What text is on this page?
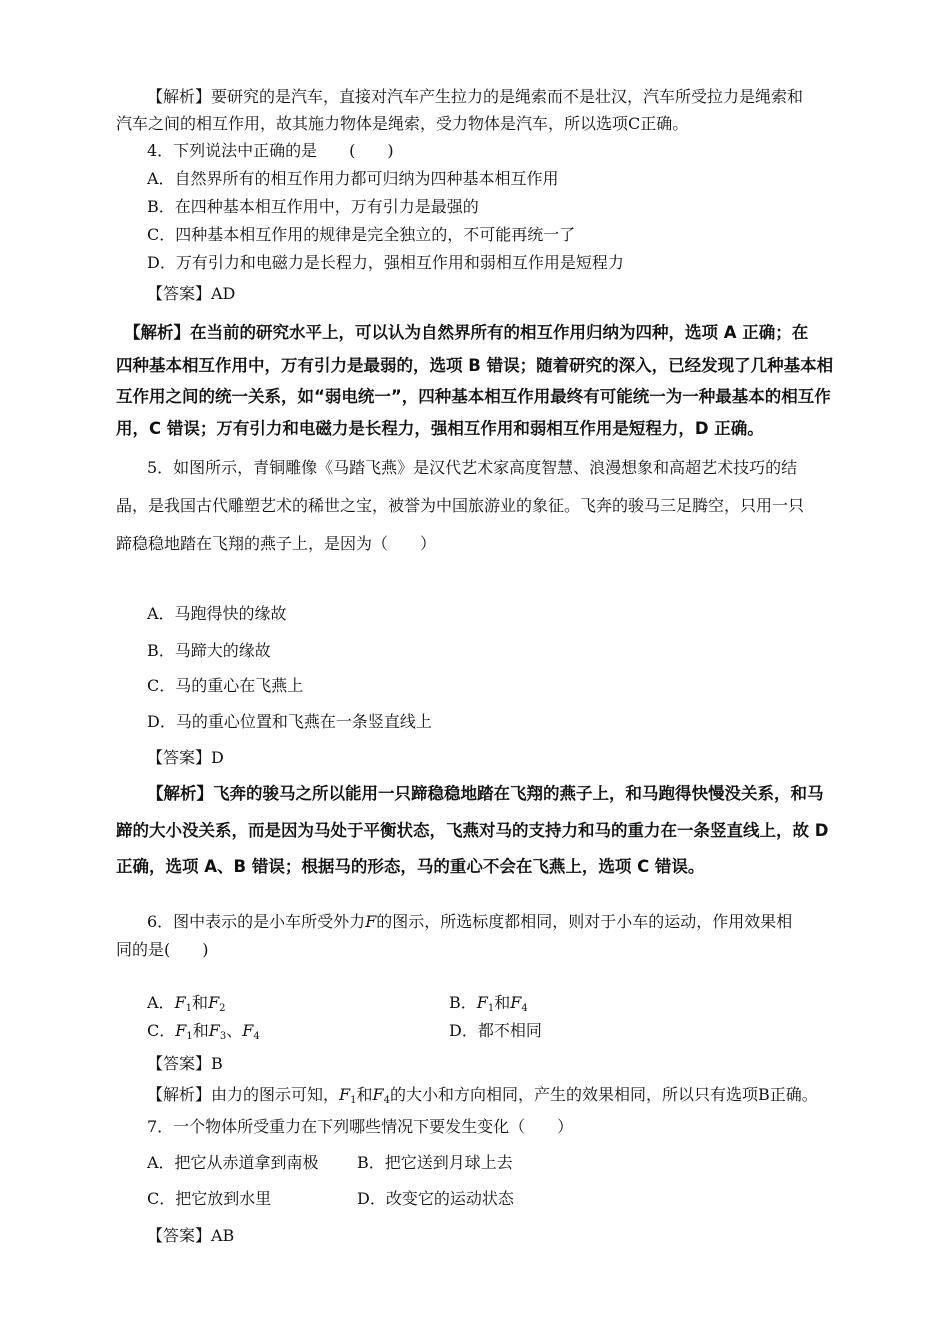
【解析】要研究的是汽车，直接对汽车产生拉力的是绳索而不是壮汉，汽车所受拉力是绳索和
汽车之间的相互作用，故其施力物体是绳索，受力物体是汽车，所以选项C正确。
4．下列说法中正确的是　　(　　)
A．自然界所有的相互作用力都可归纳为四种基本相互作用
B．在四种基本相互作用中，万有引力是最强的
C．四种基本相互作用的规律是完全独立的，不可能再统一了
D．万有引力和电磁力是长程力，强相互作用和弱相互作用是短程力
【答案】AD
【解析】在当前的研究水平上，可以认为自然界所有的相互作用归纳为四种，选项 A 正确；在
四种基本相互作用中，万有引力是最弱的，选项 B 错误；随着研究的深入，已经发现了几种基本相
互作用之间的统一关系，如“弱电统一”，四种基本相互作用最终有可能统一为一种最基本的相互作
用，C 错误；万有引力和电磁力是长程力，强相互作用和弱相互作用是短程力，D 正确。
5．如图所示，青铜雕像《马踏飞燕》是汉代艺术家高度智慧、浪漫想象和高超艺术技巧的结
晶，是我国古代雕塑艺术的稀世之宝，被誉为中国旅游业的象征。飞奔的骏马三足腾空，只用一只
蹄稳稳地踏在飞翔的燕子上，是因为（　　）
A．马跑得快的缘故
B．马蹄大的缘故
C．马的重心在飞燕上
D．马的重心位置和飞燕在一条竖直线上
【答案】D
【解析】飞奔的骏马之所以能用一只蹄稳稳地踏在飞翔的燕子上，和马跑得快慢没关系，和马
蹄的大小没关系，而是因为马处于平衡状态，飞燕对马的支持力和马的重力在一条竖直线上，故 D
正确，选项 A、B 错误；根据马的形态，马的重心不会在飞燕上，选项 C 错误。
6．图中表示的是小车所受外力F的图示，所选标度都相同，则对于小车的运动，作用效果相
同的是(　　)
A．$F_1$和$F_2$	B．$F_1$和$F_4$
C．$F_1$和$F_3$、$F_4$	D．都不相同
【答案】B
【解析】由力的图示可知，$F_1$和$F_4$的大小和方向相同，产生的效果相同，所以只有选项B正确。
7．一个物体所受重力在下列哪些情况下要发生变化（　　）
A．把它从赤道拿到南极 B．把它送到月球上去
C．把它放到水里	D．改变它的运动状态
【答案】AB
